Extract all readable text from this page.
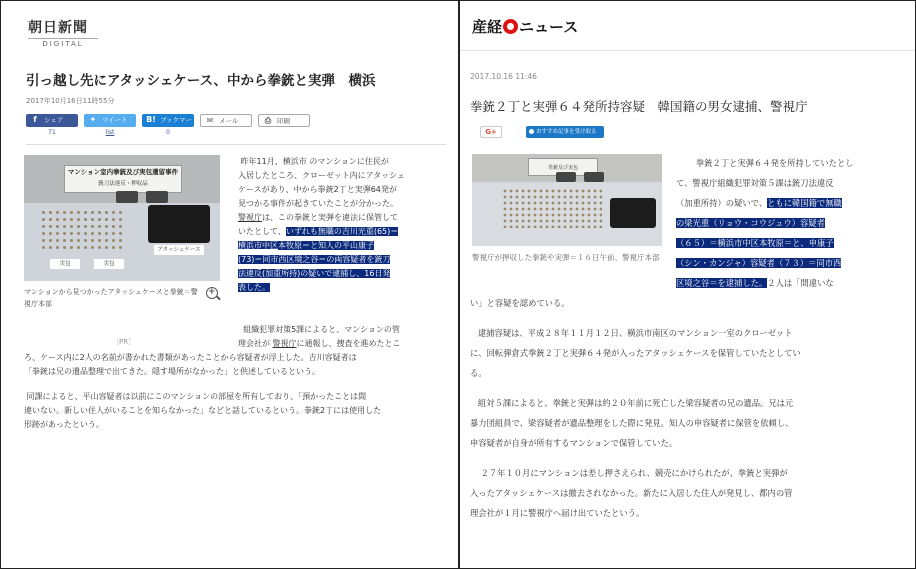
朝日新聞
DIGITAL
引っ越し先にアタッシェケース、中から拳銃と実弾　横浜
2017年10月16日11時55分
f	シェア
71
✦ ツイート
list
B! ブックマーク 0
✉ メール	⎙ 印刷
マンション室内拳銃及び実包遺留事件
銃刀法違反・押収品
アタッシェケース
実包	実包
マンションから見つかったアタッシェケースと拳銃＝警視庁本部
+
［PR］

昨年11月、横浜市 のマンションに住民が

入居したところ、クローゼット内にアタッシェ

ケースがあり、中から拳銃2丁と実弾64発が

見つかる事件が起きていたことが分かった。

警視庁は、この拳銃と実弾を違法に保管して

いたとして、いずれも無職の吉川光重(65)＝

横浜市中区本牧原＝と知人の平山康子

(73)＝同市西区境之谷＝の両容疑者を銃刀

法違反(加重所持)の疑いで逮捕し、16日発

表した。

組織犯罪対策5課によると、マンションの管

理会社が 警視庁に通報し、捜査を進めたとこ

ろ、ケース内に2人の名前が書かれた書類があったことから容疑者が浮上した。吉川容疑者は

「拳銃は兄の遺品整理で出てきた。隠す場所がなかった」と供述しているという。

同課によると、平山容疑者は以前にこのマンションの部屋を所有しており、「預かったことは間

違いない。新しい住人がいることを知らなかった」などと話しているという。拳銃2丁には使用した

形跡があったという。

産経 ニュース
2017.10.16 11:46
拳銃２丁と実弾６４発所持容疑　韓国籍の男女逮捕、警視庁
G+	おすすめ記事を受け取る
拳銃及び実包
警視庁が押収した拳銃や実弾＝１６日午前、警視庁本部

拳銃２丁と実弾６４発を所持していたとし

て、警視庁組織犯罪対策５課は銃刀法違反

（加重所持）の疑いで、ともに韓国籍で無職

の梁光重（リョウ・コウジュウ）容疑者

（６５）＝横浜市中区本牧原＝と、申康子

（シン・カンジャ）容疑者（７３）＝同市西

区境之谷＝を逮捕した。２人は「間違いな

い」と容疑を認めている。

逮捕容疑は、平成２８年１１月１２日、横浜市南区のマンション一室のクローゼット

に、回転弾倉式拳銃２丁と実弾６４発が入ったアタッシェケースを保管していたとしてい

る。

組対５課によると、拳銃と実弾は約２０年前に死亡した梁容疑者の兄の遺品。兄は元

暴力団組員で、梁容疑者が遺品整理をした際に発見。知人の申容疑者に保管を依頼し、

申容疑者が自身が所有するマンションで保管していた。

２７年１０月にマンションは差し押さえられ、競売にかけられたが、拳銃と実弾が

入ったアタッシェケースは撤去されなかった。新たに入居した住人が発見し、都内の管

理会社が１月に警視庁へ届け出ていたという。
